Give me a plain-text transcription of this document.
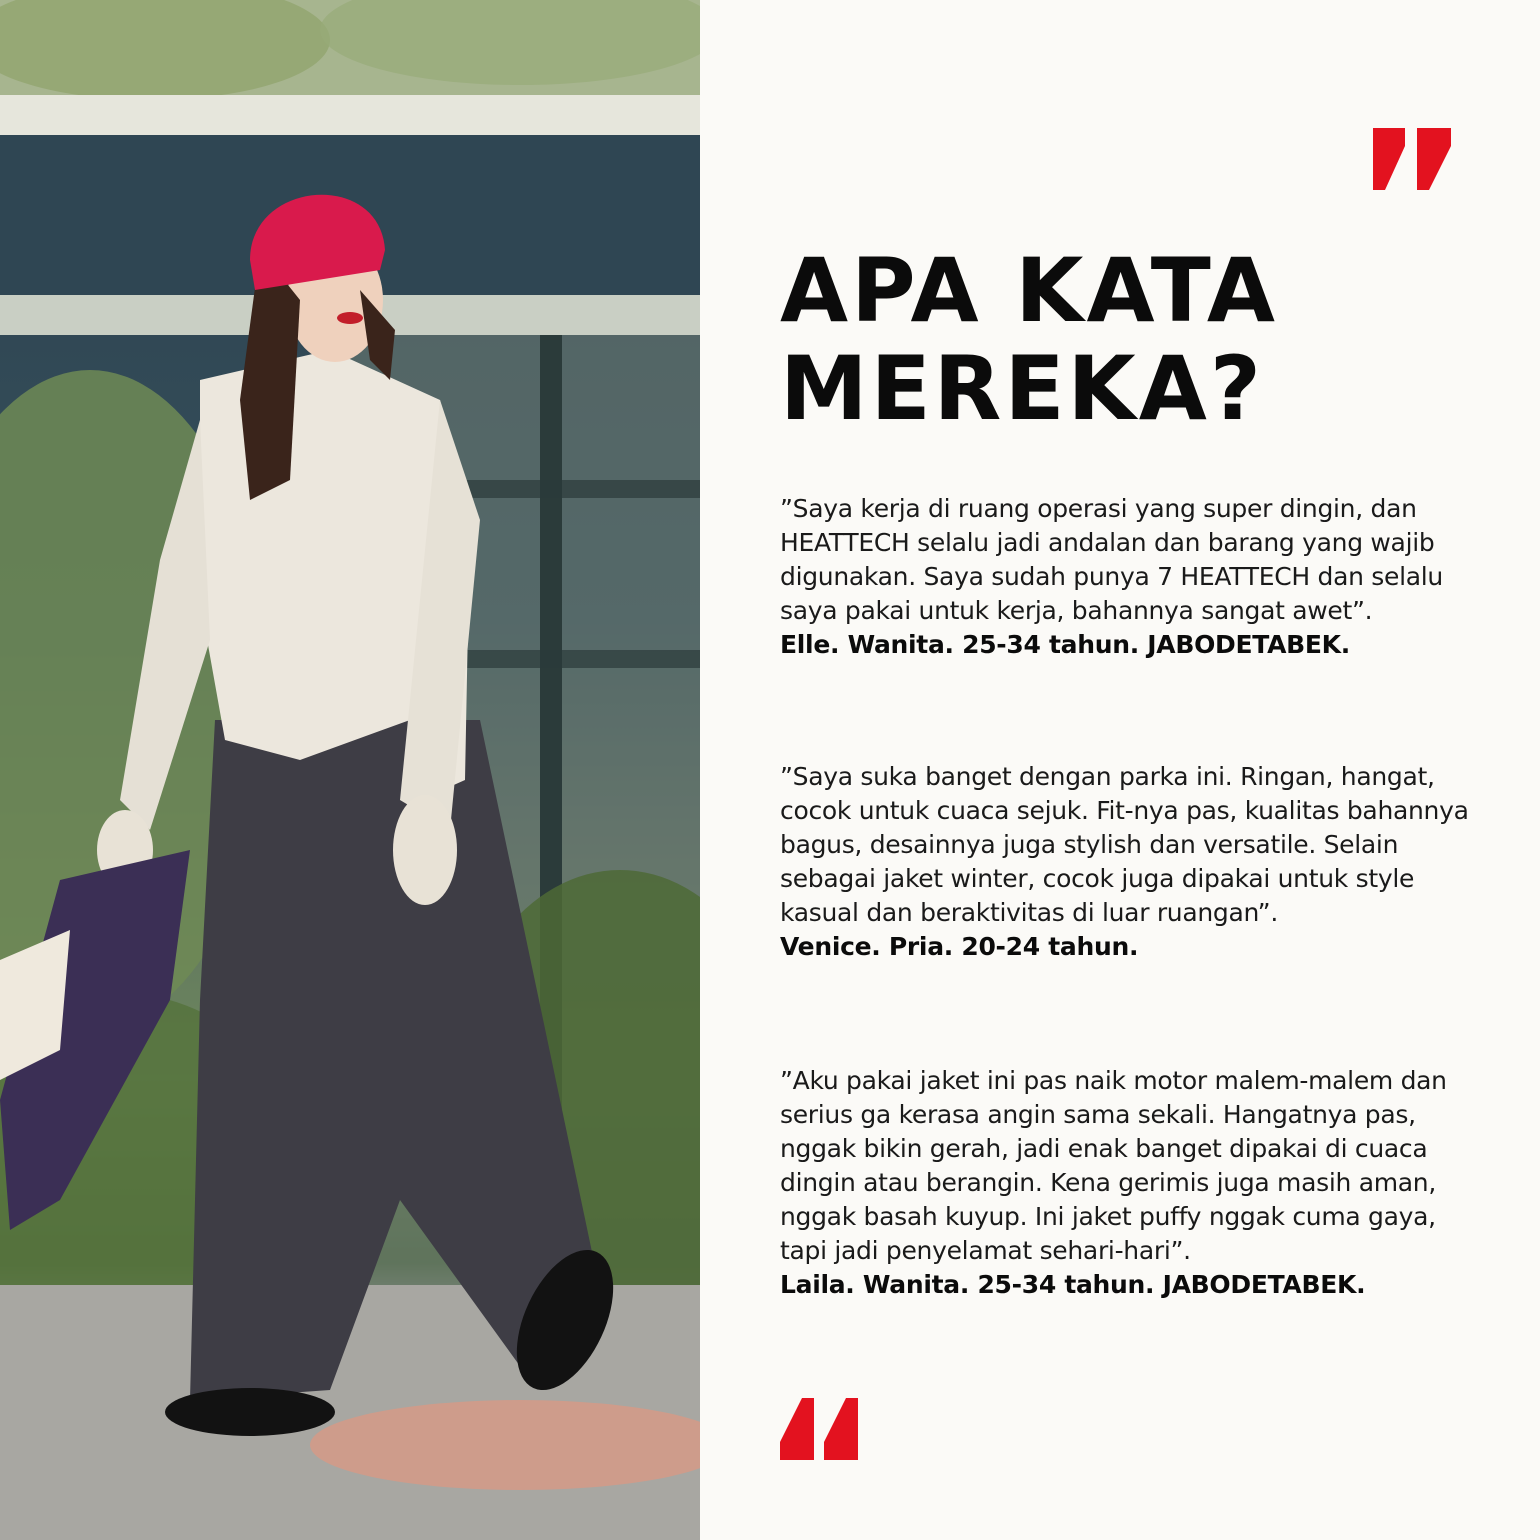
APA KATA
MEREKA?

”Saya kerja di ruang operasi yang super dingin, dan HEATTECH selalu jadi andalan dan barang yang wajib digunakan. Saya sudah punya 7 HEATTECH dan selalu saya pakai untuk kerja, bahannya sangat awet”.

Elle. Wanita. 25-34 tahun. JABODETABEK.

”Saya suka banget dengan parka ini. Ringan, hangat, cocok untuk cuaca sejuk. Fit-nya pas, kualitas bahannya bagus, desainnya juga stylish dan versatile. Selain sebagai jaket winter, cocok juga dipakai untuk style kasual dan beraktivitas di luar ruangan”.

Venice. Pria. 20-24 tahun.

”Aku pakai jaket ini pas naik motor malem-malem dan serius ga kerasa angin sama sekali. Hangatnya pas, nggak bikin gerah, jadi enak banget dipakai di cuaca dingin atau berangin. Kena gerimis juga masih aman, nggak basah kuyup. Ini jaket puffy nggak cuma gaya, tapi jadi penyelamat sehari-hari”.

Laila. Wanita. 25-34 tahun. JABODETABEK.
